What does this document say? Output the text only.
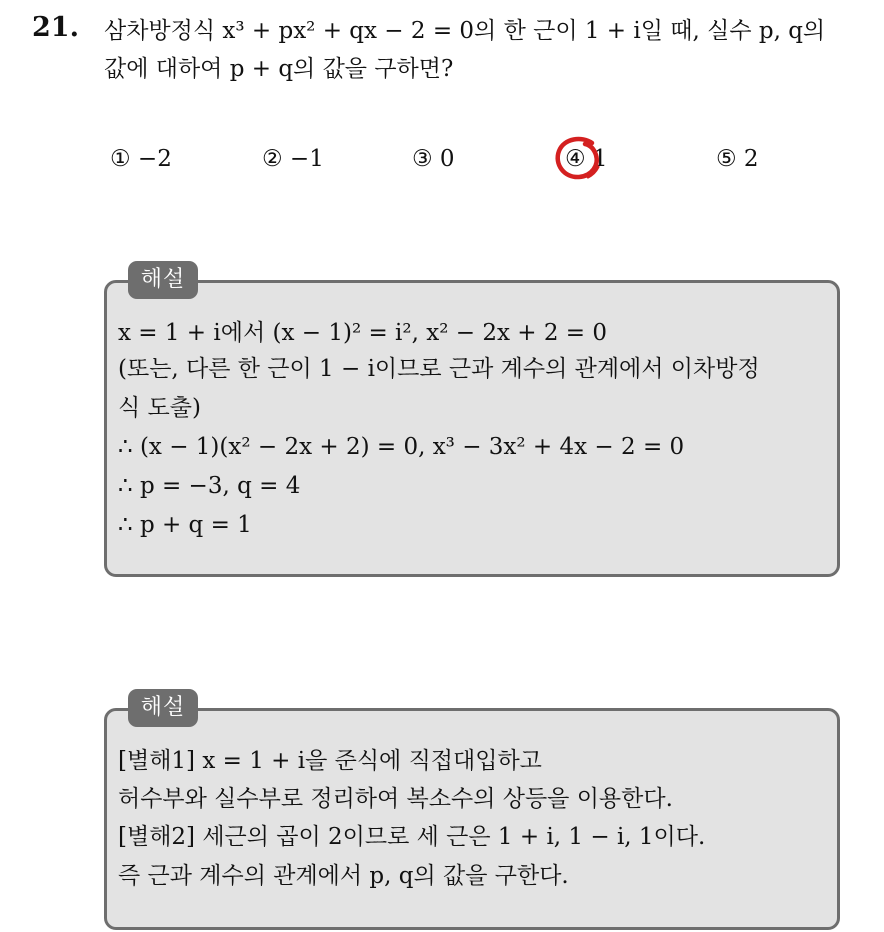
21. 삼차방정식 x³ + px² + qx − 2 = 0의 한 근이 1 + i일 때, 실수 p, q의
값에 대하여 p + q의 값을 구하면?
① −2	② −1	③ 0	④ 1	⑤ 2
해설
x = 1 + i에서 (x − 1)² = i², x² − 2x + 2 = 0
(또는, 다른 한 근이 1 − i이므로 근과 계수의 관계에서 이차방정
식 도출)
∴ (x − 1)(x² − 2x + 2) = 0, x³ − 3x² + 4x − 2 = 0
∴ p = −3, q = 4
∴ p + q = 1
해설
[별해1] x = 1 + i을 준식에 직접대입하고
허수부와 실수부로 정리하여 복소수의 상등을 이용한다.
[별해2] 세근의 곱이 2이므로 세 근은 1 + i, 1 − i, 1이다.
즉 근과 계수의 관계에서 p, q의 값을 구한다.
